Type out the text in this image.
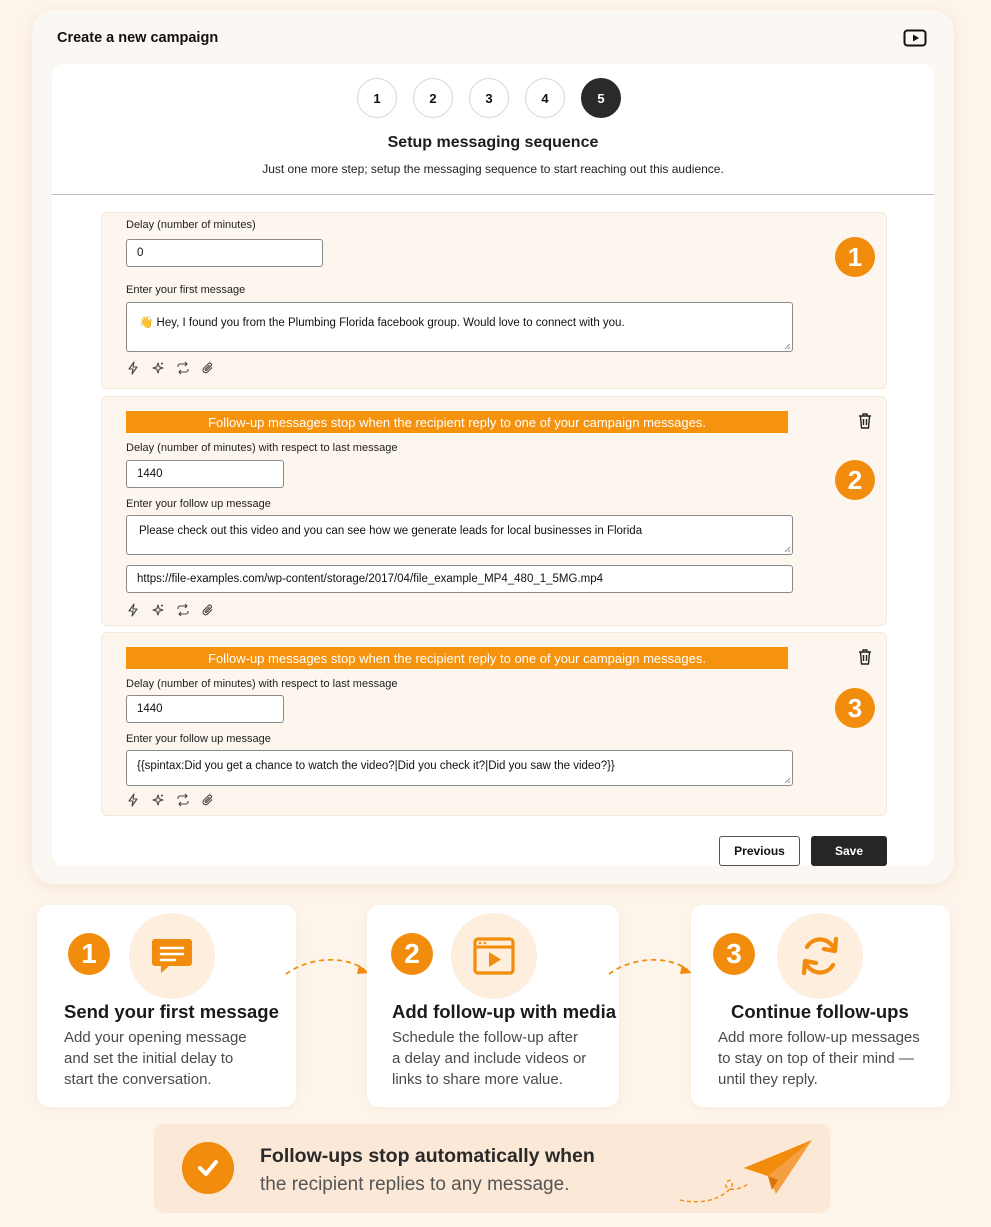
Create a new campaign
1	2	3	4	5
Setup messaging sequence
Just one more step; setup the messaging sequence to start reaching out this audience.
Delay (number of minutes)
0
Enter your first message
👋 Hey, I found you from the Plumbing Florida facebook group. Would love to connect with you.
1
Follow-up messages stop when the recipient reply to one of your campaign messages.
Delay (number of minutes) with respect to last message
1440
Enter your follow up message
Please check out this video and you can see how we generate leads for local businesses in Florida
https://file-examples.com/wp-content/storage/2017/04/file_example_MP4_480_1_5MG.mp4
2
Follow-up messages stop when the recipient reply to one of your campaign messages.
Delay (number of minutes) with respect to last message
1440
Enter your follow up message
{{spintax:Did you get a chance to watch the video?|Did you check it?|Did you saw the video?}}
3
Previous	Save
1
Send your first message
Add your opening message
and set the initial delay to
start the conversation.
2
Add follow-up with media
Schedule the follow-up after
a delay and include videos or
links to share more value.
3
Continue follow-ups
Add more follow-up messages
to stay on top of their mind —
until they reply.
Follow-ups stop automatically when
the recipient replies to any message.
